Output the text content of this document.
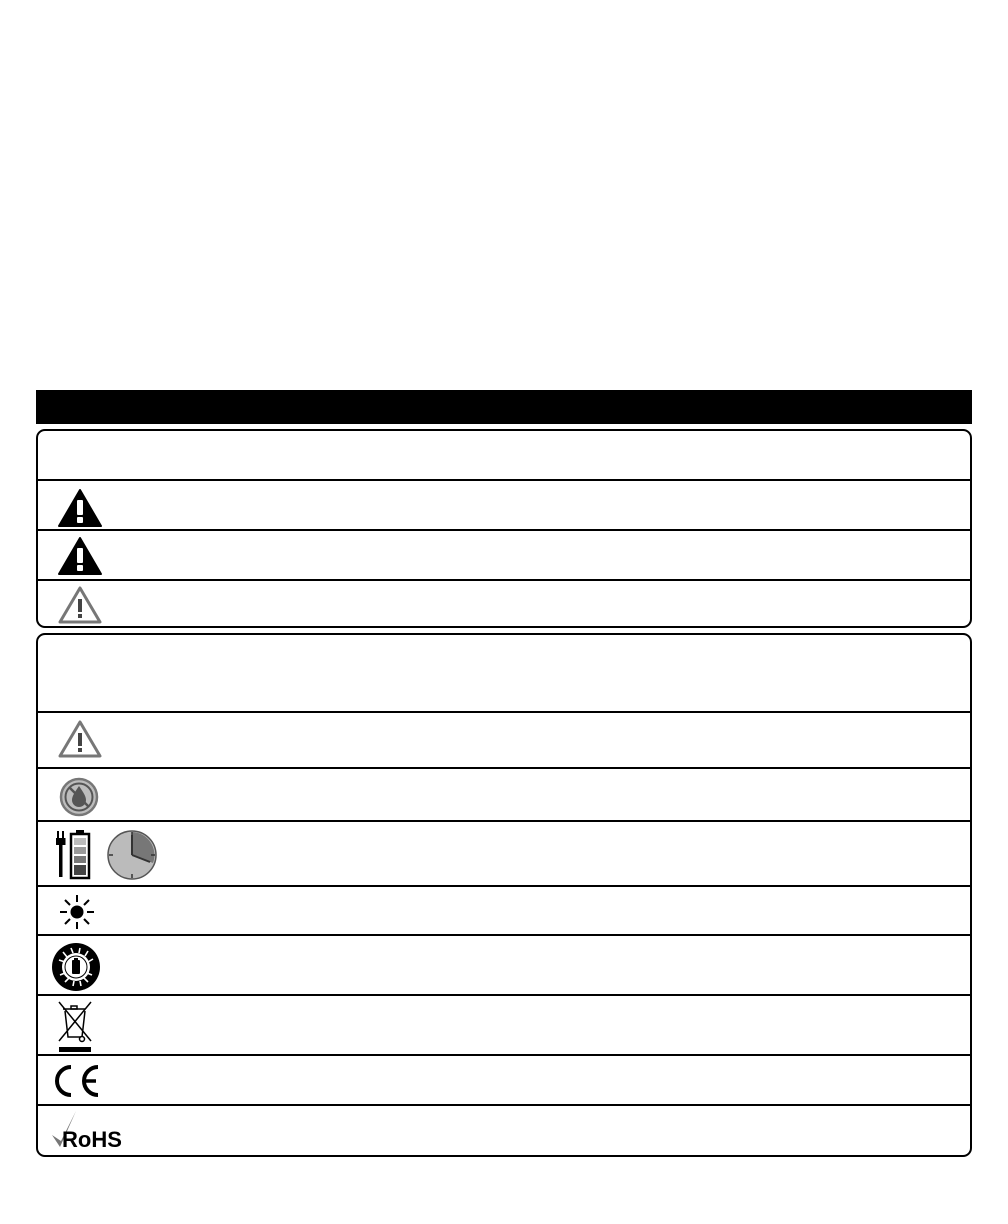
RoHS
